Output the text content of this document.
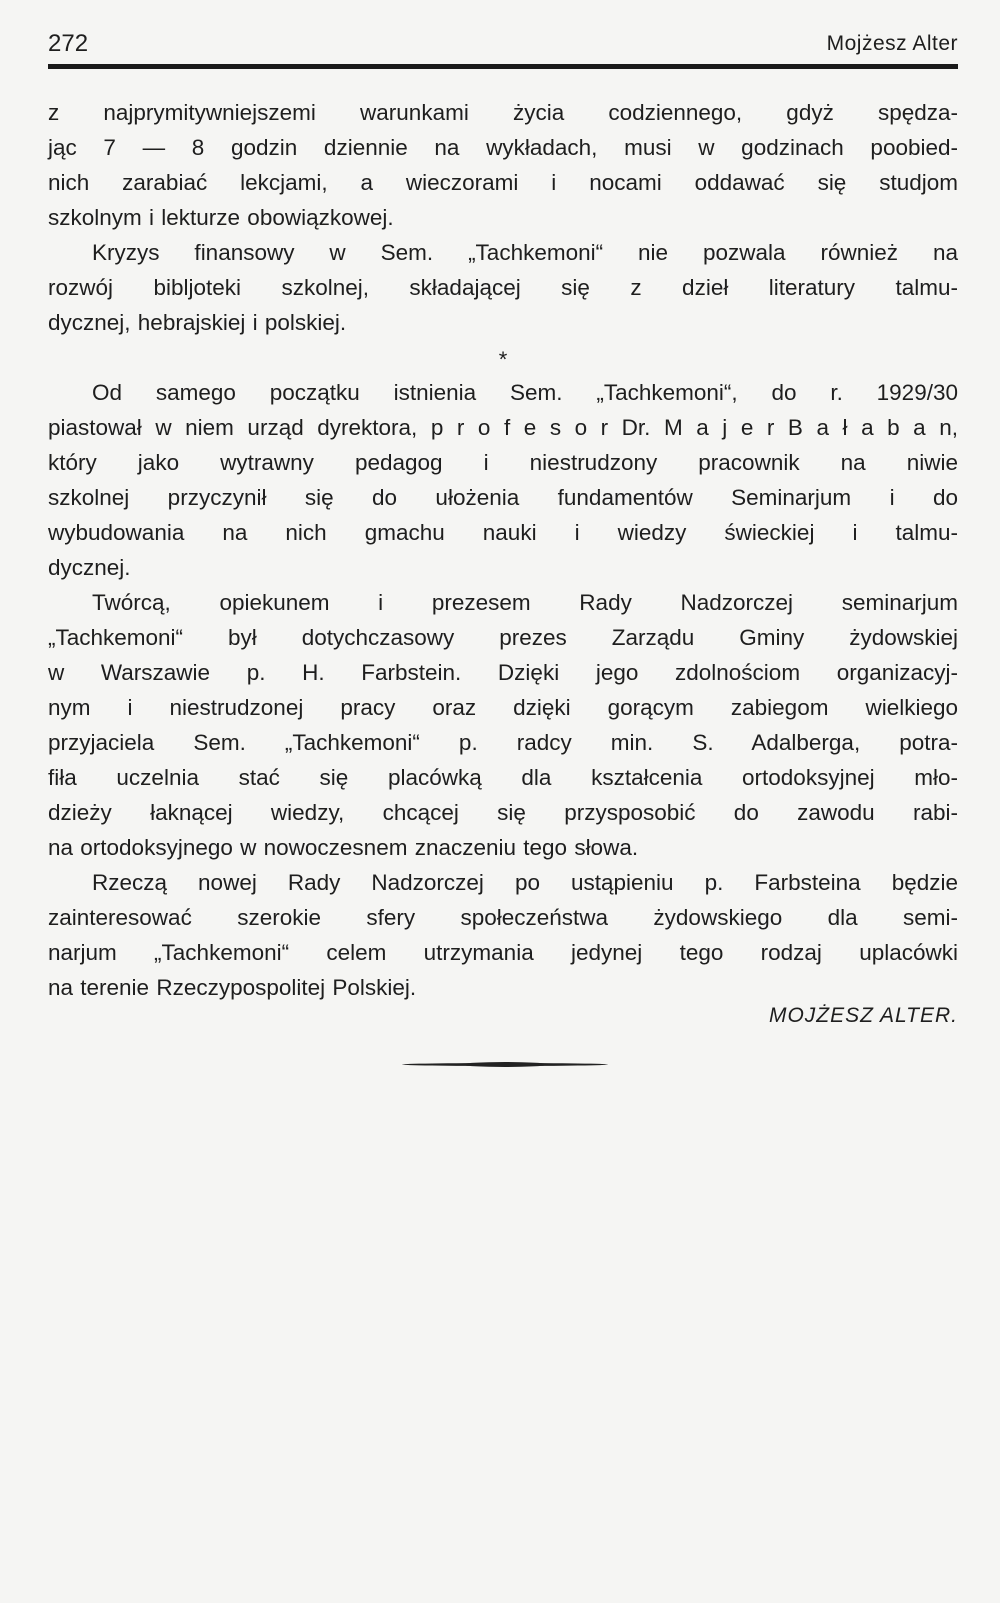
272	Mojżesz Alter
z najprymitywniejszemi warunkami życia codziennego, gdyż spędza-
jąc 7 — 8 godzin dziennie na wykładach, musi w godzinach poobied-
nich zarabiać lekcjami, a wieczorami i nocami oddawać się studjom
szkolnym i lekturze obowiązkowej.
Kryzys finansowy w Sem. „Tachkemoni“ nie pozwala również na
rozwój bibljoteki szkolnej, składającej się z dzieł literatury talmu-
dycznej, hebrajskiej i polskiej.
*
Od samego początku istnienia Sem. „Tachkemoni“, do r. 1929/30
piastował w niem urząd dyrektora, p r o f e s o r Dr. M a j e r B a ł a b a n,
który jako wytrawny pedagog i niestrudzony pracownik na niwie
szkolnej przyczynił się do ułożenia fundamentów Seminarjum i do
wybudowania na nich gmachu nauki i wiedzy świeckiej i talmu-
dycznej.
Twórcą, opiekunem i prezesem Rady Nadzorczej seminarjum
„Tachkemoni“ był dotychczasowy prezes Zarządu Gminy żydowskiej
w Warszawie p. H. Farbstein. Dzięki jego zdolnościom organizacyj-
nym i niestrudzonej pracy oraz dzięki gorącym zabiegom wielkiego
przyjaciela Sem. „Tachkemoni“ p. radcy min. S. Adalberga, potra-
fiła uczelnia stać się placówką dla kształcenia ortodoksyjnej mło-
dzieży łaknącej wiedzy, chcącej się przysposobić do zawodu rabi-
na ortodoksyjnego w nowoczesnem znaczeniu tego słowa.
Rzeczą nowej Rady Nadzorczej po ustąpieniu p. Farbsteina będzie
zainteresować szerokie sfery społeczeństwa żydowskiego dla semi-
narjum „Tachkemoni“ celem utrzymania jedynej tego rodzaj uplacówki
na terenie Rzeczypospolitej Polskiej.
MOJŻESZ ALTER.
